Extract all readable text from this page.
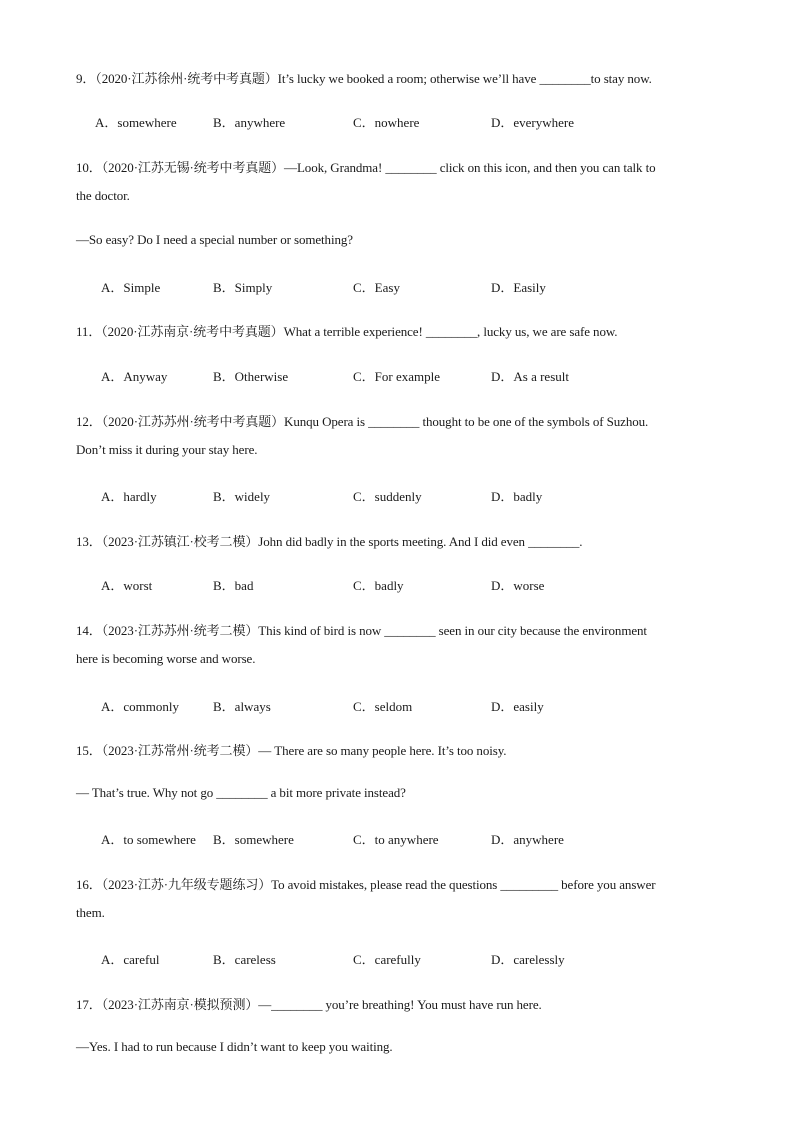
9．（2020·江苏徐州·统考中考真题）It’s lucky we booked a room; otherwise we’ll have ________to stay now.
A．somewhere	B．anywhere	C．nowhere	D．everywhere
10．（2020·江苏无锡·统考中考真题）—Look, Grandma! ________ click on this icon, and then you can talk to
the doctor.
—So easy? Do I need a special number or something?
A．Simple	B．Simply	C．Easy	D．Easily
11．（2020·江苏南京·统考中考真题）What a terrible experience! ________, lucky us, we are safe now.
A．Anyway	B．Otherwise	C．For example	D．As a result
12．（2020·江苏苏州·统考中考真题）Kunqu Opera is ________ thought to be one of the symbols of Suzhou.
Don’t miss it during your stay here.
A．hardly	B．widely	C．suddenly	D．badly
13．（2023·江苏镇江·校考二模）John did badly in the sports meeting. And I did even ________.
A．worst	B．bad	C．badly	D．worse
14．（2023·江苏苏州·统考二模）This kind of bird is now ________ seen in our city because the environment
here is becoming worse and worse.
A．commonly	B．always	C．seldom	D．easily
15．（2023·江苏常州·统考二模）— There are so many people here. It’s too noisy.
— That’s true. Why not go ________ a bit more private instead?
A．to somewhere B．somewhere	C．to anywhere	D．anywhere
16．（2023·江苏·九年级专题练习）To avoid mistakes, please read the questions _________ before you answer
them.
A．careful	B．careless	C．carefully	D．carelessly
17．（2023·江苏南京·模拟预测）—________ you’re breathing! You must have run here.
—Yes. I had to run because I didn’t want to keep you waiting.
